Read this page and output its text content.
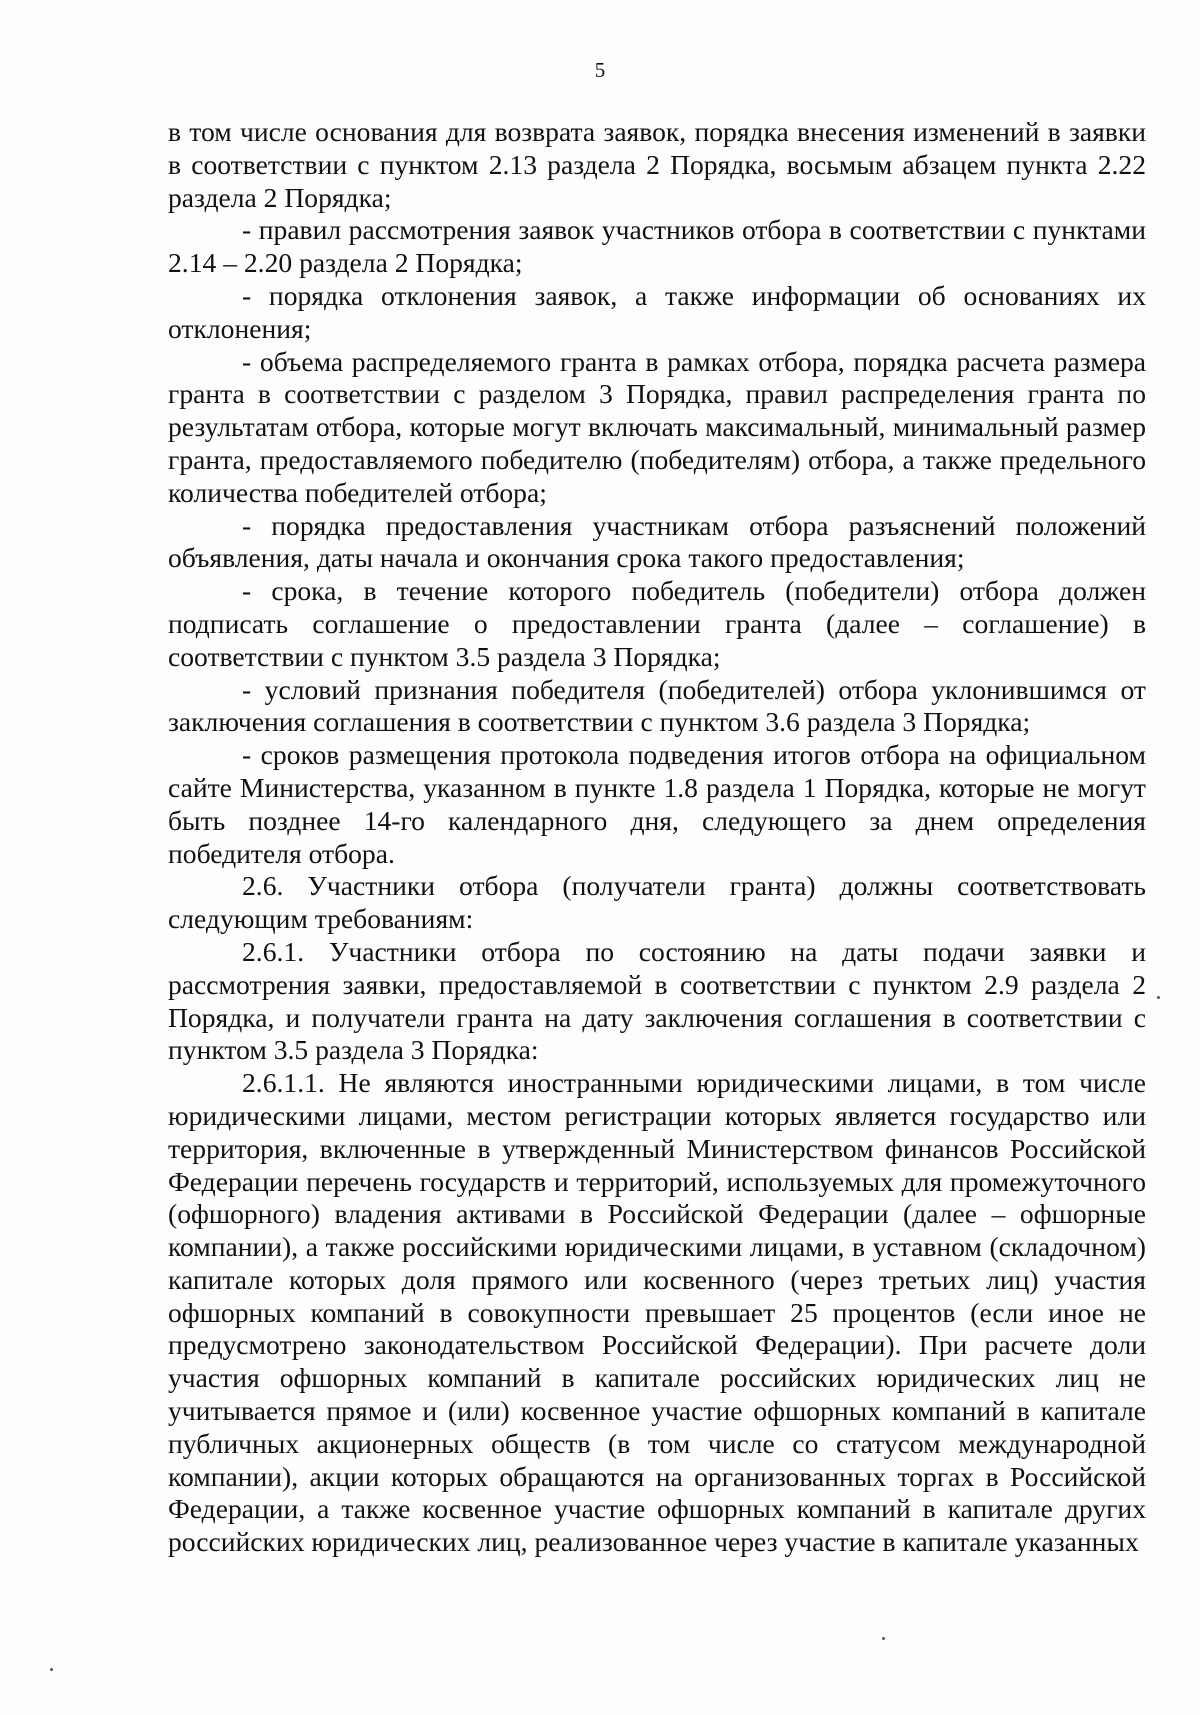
5

в том числе основания для возврата заявок, порядка внесения изменений в заявки в соответствии с пунктом 2.13 раздела 2 Порядка, восьмым абзацем пункта 2.22 раздела 2 Порядка;

- правил рассмотрения заявок участников отбора в соответствии с пунктами 2.14 – 2.20 раздела 2 Порядка;

- порядка отклонения заявок, а также информации об основаниях их отклонения;

- объема распределяемого гранта в рамках отбора, порядка расчета размера гранта в соответствии с разделом 3 Порядка, правил распределения гранта по результатам отбора, которые могут включать максимальный, минимальный размер гранта, предоставляемого победителю (победителям) отбора, а также предельного количества победителей отбора;

- порядка предоставления участникам отбора разъяснений положений объявления, даты начала и окончания срока такого предоставления;

- срока, в течение которого победитель (победители) отбора должен подписать соглашение о предоставлении гранта (далее – соглашение) в соответствии с пунктом 3.5 раздела 3 Порядка;

- условий признания победителя (победителей) отбора уклонившимся от заключения соглашения в соответствии с пунктом 3.6 раздела 3 Порядка;

- сроков размещения протокола подведения итогов отбора на официальном сайте Министерства, указанном в пункте 1.8 раздела 1 Порядка, которые не могут быть позднее 14-го календарного дня, следующего за днем определения победителя отбора.

2.6. Участники отбора (получатели гранта) должны соответствовать следующим требованиям:

2.6.1. Участники отбора по состоянию на даты подачи заявки и рассмотрения заявки, предоставляемой в соответствии с пунктом 2.9 раздела 2 Порядка, и получатели гранта на дату заключения соглашения в соответствии с пунктом 3.5 раздела 3 Порядка:

2.6.1.1. Не являются иностранными юридическими лицами, в том числе юридическими лицами, местом регистрации которых является государство или территория, включенные в утвержденный Министерством финансов Российской Федерации перечень государств и территорий, используемых для промежуточного (офшорного) владения активами в Российской Федерации (далее – офшорные компании), а также российскими юридическими лицами, в уставном (складочном) капитале которых доля прямого или косвенного (через третьих лиц) участия офшорных компаний в совокупности превышает 25 процентов (если иное не предусмотрено законодательством Российской Федерации). При расчете доли участия офшорных компаний в капитале российских юридических лиц не учитывается прямое и (или) косвенное участие офшорных компаний в капитале публичных акционерных обществ (в том числе со статусом международной компании), акции которых обращаются на организованных торгах в Российской Федерации, а также косвенное участие офшорных компаний в капитале других российских юридических лиц, реализованное через участие в капитале указанных
